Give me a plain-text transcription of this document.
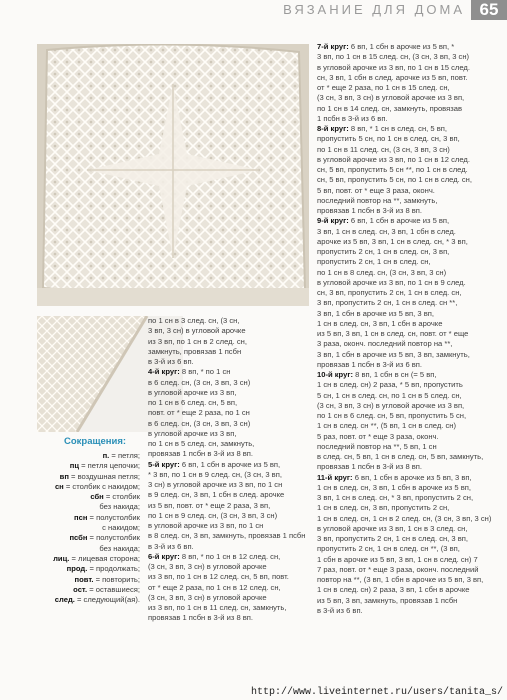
ВЯЗАНИЕ ДЛЯ ДОМА 65

7-й круг: 6 вп, 1 сбн в арочке из 5 вп, *

3 вп, по 1 сн в 15 след. сн, (3 сн, 3 вп, 3 сн)

в угловой арочке из 3 вп, по 1 сн в 15 след.

сн, 3 вп, 1 сбн в след. арочке из 5 вп, повт.

от * еще 2 раза, по 1 сн в 15 след. сн,

(3 сн, 3 вп, 3 сн) в угловой арочке из 3 вп,

по 1 сн в 14 след. сн, замкнуть, провязав

1 псбн в 3-й из 6 вп.

8-й круг: 8 вп, * 1 сн в след. сн, 5 вп,

пропустить 5 сн, по 1 сн в след. сн, 3 вп,

по 1 сн в 11 след. сн, (3 сн, 3 вп, 3 сн)

в угловой арочке из 3 вп, по 1 сн в 12 след.

сн, 5 вп, пропустить 5 сн **, по 1 сн в след.

сн, 5 вп, пропустить 5 сн, по 1 сн в след. сн,

5 вп, повт. от * еще 3 раза, оконч.

последний повтор на **, замкнуть,

провязав 1 псбн в 3-й из 8 вп.

9-й круг: 6 вп, 1 сбн в арочке из 5 вп,

3 вп, 1 сн в след. сн, 3 вп, 1 сбн в след.

арочке из 5 вп, 3 вп, 1 сн в след. сн, * 3 вп,

пропустить 2 сн, 1 сн в след. сн, 3 вп,

пропустить 2 сн, 1 сн в след. сн,

по 1 сн в 8 след. сн, (3 сн, 3 вп, 3 сн)

в угловой арочке из 3 вп, по 1 сн в 9 след.

сн, 3 вп, пропустить 2 сн, 1 сн в след. сн,

3 вп, пропустить 2 сн, 1 сн в след. сн **,

3 вп, 1 сбн в арочке из 5 вп, 3 вп,

1 сн в след. сн, 3 вп, 1 сбн в арочке

из 5 вп, 3 вп, 1 сн в след. сн, повт. от * еще

3 раза, оконч. последний повтор на **,

3 вп, 1 сбн в арочке из 5 вп, 3 вп, замкнуть,

провязав 1 псбн в 3-й из 6 вп.

10-й круг: 8 вп, 1 сбн в сн (= 5 вп,

1 сн в след. сн) 2 раза, * 5 вп, пропустить

5 сн, 1 сн в след. сн, по 1 сн в 5 след. сн,

(3 сн, 3 вп, 3 сн) в угловой арочке из 3 вп,

по 1 сн в 6 след. сн, 5 вп, пропустить 5 сн,

1 сн в след. сн **, (5 вп, 1 сн в след. сн)

5 раз, повт. от * еще 3 раза, оконч.

последний повтор на **, 5 вп, 1 сн

в след. сн, 5 вп, 1 сн в след. сн, 5 вп, замкнуть,

провязав 1 псбн в 3-й из 8 вп.

11-й круг: 6 вп, 1 сбн в арочке из 5 вп, 3 вп,

1 сн в след. сн, 3 вп, 1 сбн в арочке из 5 вп,

3 вп, 1 сн в след. сн, * 3 вп, пропустить 2 сн,

1 сн в след. сн, 3 вп, пропустить 2 сн,

1 сн в след. сн, 1 сн в 2 след. сн, (3 сн, 3 вп, 3 сн)

в угловой арочке из 3 вп, 1 сн в 3 след. сн,

3 вп, пропустить 2 сн, 1 сн в след. сн, 3 вп,

пропустить 2 сн, 1 сн в след. сн **, (3 вп,

1 сбн в арочке из 5 вп, 3 вп, 1 сн в след. сн) 7

7 раз, повт. от * еще 3 раза, оконч. последний

повтор на **, (3 вп, 1 сбн в арочке из 5 вп, 3 вп,

1 сн в след. сн) 2 раза, 3 вп, 1 сбн в арочке

из 5 вп, 3 вп, замкнуть, провязав 1 псбн

в 3-й из 6 вп.

по 1 сн в 3 след. сн, (3 сн,

3 вп, 3 сн) в угловой арочке

из 3 вп, по 1 сн в 2 след. сн,

замкнуть, провязав 1 псбн

в 3-й из 6 вп.

4-й круг: 8 вп, * по 1 сн

в 6 след. сн, (3 сн, 3 вп, 3 сн)

в угловой арочке из 3 вп,

по 1 сн в 6 след. сн, 5 вп,

повт. от * еще 2 раза, по 1 сн

в 6 след. сн, (3 сн, 3 вп, 3 сн)

в угловой арочке из 3 вп,

по 1 сн в 5 след. сн, замкнуть,

провязав 1 псбн в 3-й из 8 вп.

5-й круг: 6 вп, 1 сбн в арочке из 5 вп,

* 3 вп, по 1 сн в 9 след. сн, (3 сн, 3 вп,

3 сн) в угловой арочке из 3 вп, по 1 сн

в 9 след. сн, 3 вп, 1 сбн в след. арочке

из 5 вп, повт. от * еще 2 раза, 3 вп,

по 1 сн в 9 след. сн, (3 сн, 3 вп, 3 сн)

в угловой арочке из 3 вп, по 1 сн

в 8 след. сн, 3 вп, замкнуть, провязав 1 псбн

в 3-й из 6 вп.

6-й круг: 8 вп, * по 1 сн в 12 след. сн,

(3 сн, 3 вп, 3 сн) в угловой арочке

из 3 вп, по 1 сн в 12 след. сн, 5 вп, повт.

от * еще 2 раза, по 1 сн в 12 след. сн,

(3 сн, 3 вп, 3 сн) в угловой арочке

из 3 вп, по 1 сн в 11 след. сн, замкнуть,

провязав 1 псбн в 3-й из 8 вп.

Сокращения:

п. = петля;

пц = петля цепочки;

вп = воздушная петля;

сн = столбик с накидом;

сбн = столбик

без накида;

псн = полустолбик

с накидом;

псбн = полустолбик

без накида;

лиц. = лицевая сторона;

прод. = продолжать;

повт. = повторить;

ост. = оставшиеся;

след. = следующий(ая).

http://www.liveinternet.ru/users/tanita_s/
